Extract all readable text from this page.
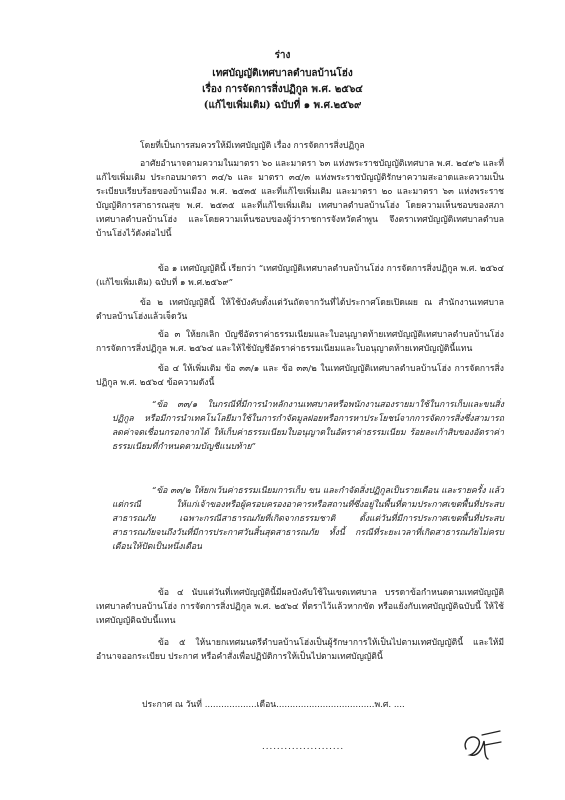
ร่าง
เทศบัญญัติเทศบาลตำบลบ้านโฮ่ง
เรื่อง การจัดการสิ่งปฏิกูล พ.ศ. ๒๕๖๔
(แก้ไขเพิ่มเติม) ฉบับที่ ๑ พ.ศ.๒๕๖๙

โดยที่เป็นการสมควรให้มีเทศบัญญัติ เรื่อง การจัดการสิ่งปฏิกูล

อาศัยอำนาจตามความในมาตรา ๖๐ และมาตรา ๖๓ แห่งพระราชบัญญัติเทศบาล พ.ศ. ๒๔๙๖ และที่แก้ไขเพิ่มเติม ประกอบมาตรา ๓๔/๖ และ มาตรา ๓๔/๓ แห่งพระราชบัญญัติรักษาความสะอาดและความเป็นระเบียบเรียบร้อยของบ้านเมือง พ.ศ. ๒๕๓๕ และที่แก้ไขเพิ่มเติม และมาตรา ๒๐ และมาตรา ๖๓ แห่งพระราชบัญญัติการสาธารณสุข พ.ศ. ๒๕๓๕ และที่แก้ไขเพิ่มเติม เทศบาลตำบลบ้านโฮ่ง โดยความเห็นชอบของสภาเทศบาลตำบลบ้านโฮ่ง และโดยความเห็นชอบของผู้ว่าราชการจังหวัดลำพูน จึงตราเทศบัญญัติเทศบาลตำบลบ้านโฮ่งไว้ดังต่อไปนี้

ข้อ ๑ เทศบัญญัตินี้ เรียกว่า “เทศบัญญัติเทศบาลตำบลบ้านโฮ่ง การจัดการสิ่งปฏิกูล พ.ศ. ๒๕๖๔ (แก้ไขเพิ่มเติม) ฉบับที่ ๑ พ.ศ.๒๕๖๙”

ข้อ ๒ เทศบัญญัตินี้ ให้ใช้บังคับตั้งแต่วันถัดจากวันที่ได้ประกาศโดยเปิดเผย ณ สำนักงานเทศบาลตำบลบ้านโฮ่งแล้วเจ็ดวัน

ข้อ ๓ ให้ยกเลิก บัญชีอัตราค่าธรรมเนียมและใบอนุญาตท้ายเทศบัญญัติเทศบาลตำบลบ้านโฮ่ง การจัดการสิ่งปฏิกูล พ.ศ. ๒๕๖๔ และให้ใช้บัญชีอัตราค่าธรรมเนียมและใบอนุญาตท้ายเทศบัญญัตินี้แทน

ข้อ ๔ ให้เพิ่มเติม ข้อ ๓๓/๑ และ ข้อ ๓๓/๒ ในเทศบัญญัติเทศบาลตำบลบ้านโฮ่ง การจัดการสิ่งปฏิกูล พ.ศ. ๒๕๖๔ ข้อความดังนี้

“ข้อ ๓๓/๑ ในกรณีที่มีการนำหลักงานเทศบาลหรือพนักงานสองรายมาใช้ในการเก็บและขนสิ่งปฏิกูล หรือมีการนำเทคโนโลยีมาใช้ในการกำจัดมูลฝอยหรือการหาประโยชน์จากการจัดการสิ่งซึ่งสามารถลดค่าจดเชื่อนกรอกจากได้ ให้เก็บค่าธรรมเนียมใบอนุญาตในอัตราค่าธรรมเนียม ร้อยละเก้าสิบของอัตราค่าธรรมเนียมที่กำหนดตามบัญชีแนบท้าย”

“ข้อ ๓๓/๒ ให้ยกเว้นค่าธรรมเนียมการเก็บ ขน และกำจัดสิ่งปฏิกูลเป็นรายเดือน และรายครั้ง แล้วแต่กรณี ให้แก่เจ้าของหรือผู้ครอบครองอาคารหรือสถานที่ซึ่งอยู่ในพื้นที่ตามประกาศเขตพื้นที่ประสบสาธารณภัย เฉพาะกรณีสาธารณภัยที่เกิดจากธรรมชาติ ตั้งแต่วันที่มีการประกาศเขตพื้นที่ประสบสาธารณภัยจนถึงวันที่มีการประกาศวันสิ้นสุดสาธารณภัย ทั้งนี้ กรณีที่ระยะเวลาที่เกิดสาธารณภัยไม่ครบเดือนให้ปัดเป็นหนึ่งเดือน

ข้อ ๔ นับแต่วันที่เทศบัญญัตินี้มีผลบังคับใช้ในเขตเทศบาล บรรดาข้อกำหนดตามเทศบัญญัติเทศบาลตำบลบ้านโฮ่ง การจัดการสิ่งปฏิกูล พ.ศ. ๒๕๖๔ ที่ตราไว้แล้วหากขัด หรือแย้งกับเทศบัญญัติฉบับนี้ ให้ใช้เทศบัญญัติฉบับนี้แทน

ข้อ ๕ ให้นายกเทศมนตรีตำบลบ้านโฮ่งเป็นผู้รักษาการให้เป็นไปตามเทศบัญญัตินี้ และให้มีอำนาจออกระเบียบ ประกาศ หรือคำสั่งเพื่อปฏิบัติการให้เป็นไปตามเทศบัญญัตินี้

ประกาศ ณ วันที่ ...................เดือน....................................พ.ศ. ....
......................
